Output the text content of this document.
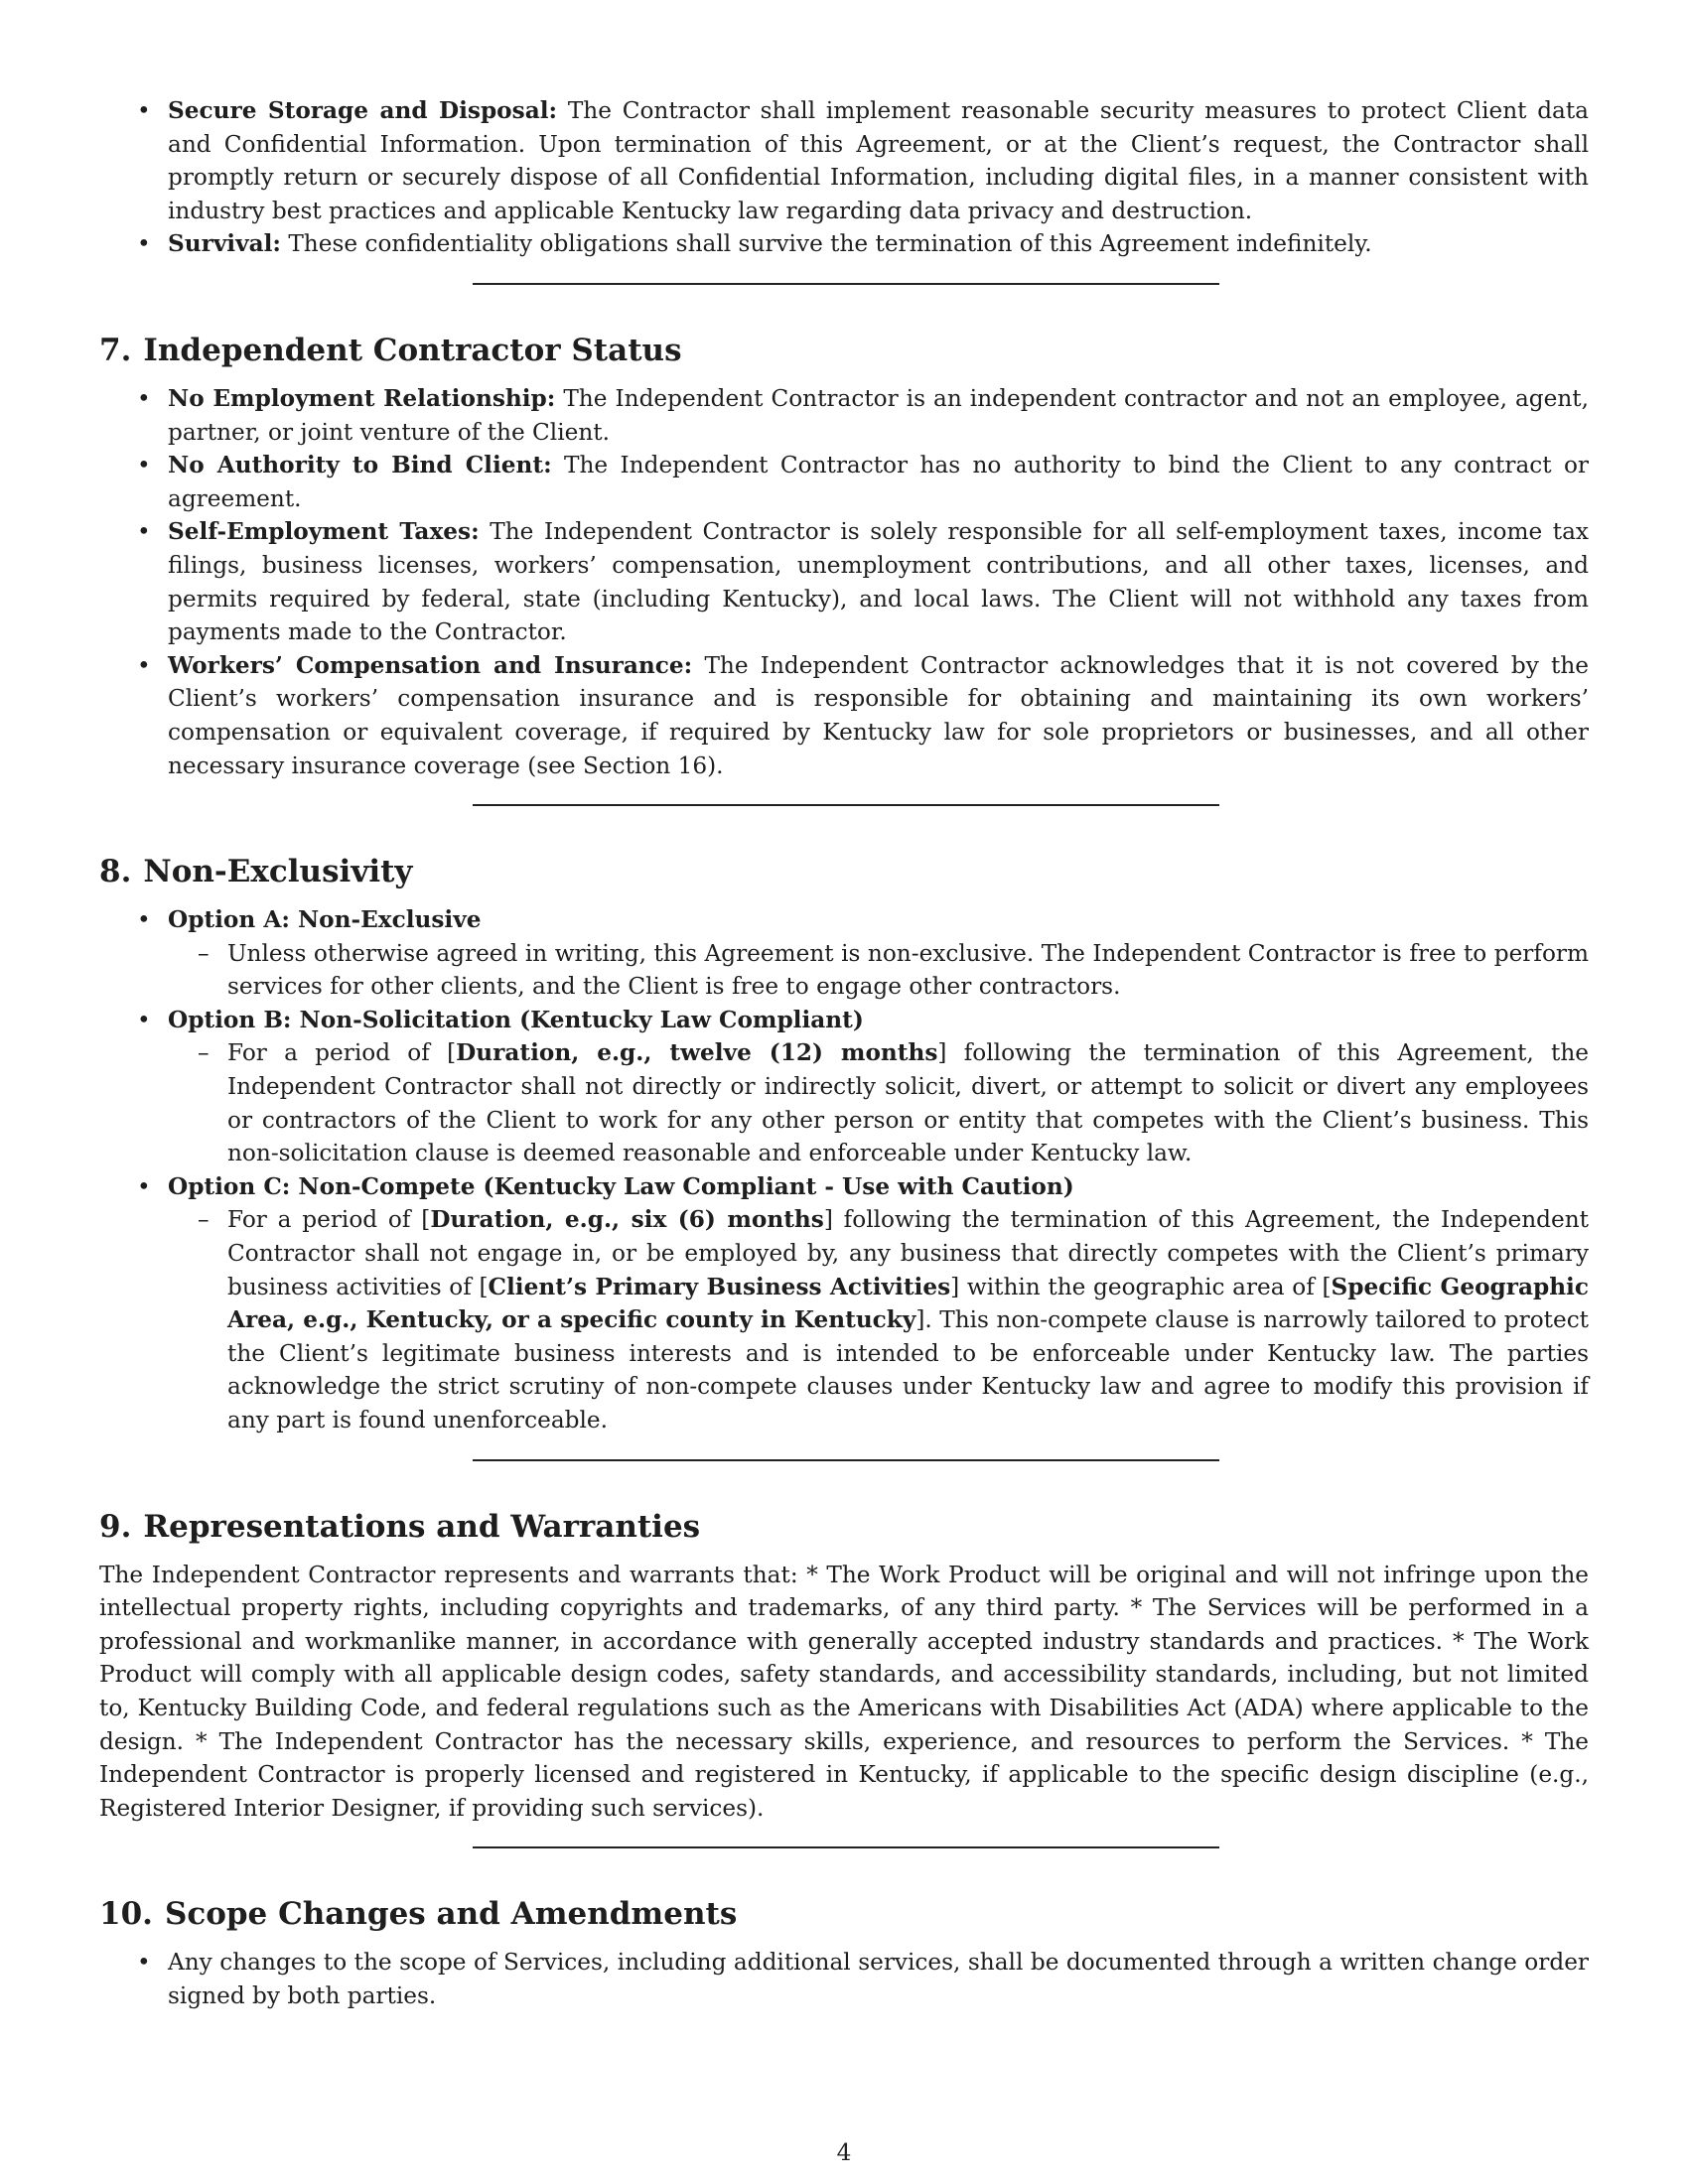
• Secure Storage and Disposal: The Contractor shall implement reasonable security measures to protect Client data and Confidential Information. Upon termination of this Agreement, or at the Client’s request, the Contractor shall promptly return or securely dispose of all Confidential Information, including digital files, in a manner consistent with industry best practices and applicable Kentucky law regarding data privacy and destruction.
• Survival: These confidentiality obligations shall survive the termination of this Agreement indefinitely.
7. Independent Contractor Status
• No Employment Relationship: The Independent Contractor is an independent contractor and not an employee, agent, partner, or joint venture of the Client.
• No Authority to Bind Client: The Independent Contractor has no authority to bind the Client to any contract or agreement.
• Self-Employment Taxes: The Independent Contractor is solely responsible for all self-employment taxes, income tax filings, business licenses, workers’ compensation, unemployment contributions, and all other taxes, licenses, and permits required by federal, state (including Kentucky), and local laws. The Client will not withhold any taxes from payments made to the Contractor.
• Workers’ Compensation and Insurance: The Independent Contractor acknowledges that it is not covered by the Client’s workers’ compensation insurance and is responsible for obtaining and maintaining its own workers’ compensation or equivalent coverage, if required by Kentucky law for sole proprietors or businesses, and all other necessary insurance coverage (see Section 16).
8. Non-Exclusivity
• Option A: Non-Exclusive
– Unless otherwise agreed in writing, this Agreement is non-exclusive. The Independent Contractor is free to perform services for other clients, and the Client is free to engage other contractors.
• Option B: Non-Solicitation (Kentucky Law Compliant)
– For a period of [Duration, e.g., twelve (12) months] following the termination of this Agreement, the Independent Contractor shall not directly or indirectly solicit, divert, or attempt to solicit or divert any employees or contractors of the Client to work for any other person or entity that competes with the Client’s business. This non-solicitation clause is deemed reasonable and enforceable under Kentucky law.
• Option C: Non-Compete (Kentucky Law Compliant - Use with Caution)
– For a period of [Duration, e.g., six (6) months] following the termination of this Agreement, the Independent Contractor shall not engage in, or be employed by, any business that directly competes with the Client’s primary business activities of [Client’s Primary Business Activities] within the geographic area of [Specific Geographic Area, e.g., Kentucky, or a specific county in Kentucky]. This non-compete clause is narrowly tailored to protect the Client’s legitimate business interests and is intended to be enforceable under Kentucky law. The parties acknowledge the strict scrutiny of non-compete clauses under Kentucky law and agree to modify this provision if any part is found unenforceable.
9. Representations and Warranties

The Independent Contractor represents and warrants that: * The Work Product will be original and will not infringe upon the intellectual property rights, including copyrights and trademarks, of any third party. * The Services will be performed in a professional and workmanlike manner, in accordance with generally accepted industry standards and practices. * The Work Product will comply with all applicable design codes, safety standards, and accessibility standards, including, but not limited to, Kentucky Building Code, and federal regulations such as the Americans with Disabilities Act (ADA) where applicable to the design. * The Independent Contractor has the necessary skills, experience, and resources to perform the Services. * The Independent Contractor is properly licensed and registered in Kentucky, if applicable to the specific design discipline (e.g., Registered Interior Designer, if providing such services).

10. Scope Changes and Amendments
• Any changes to the scope of Services, including additional services, shall be documented through a written change order signed by both parties.
4
